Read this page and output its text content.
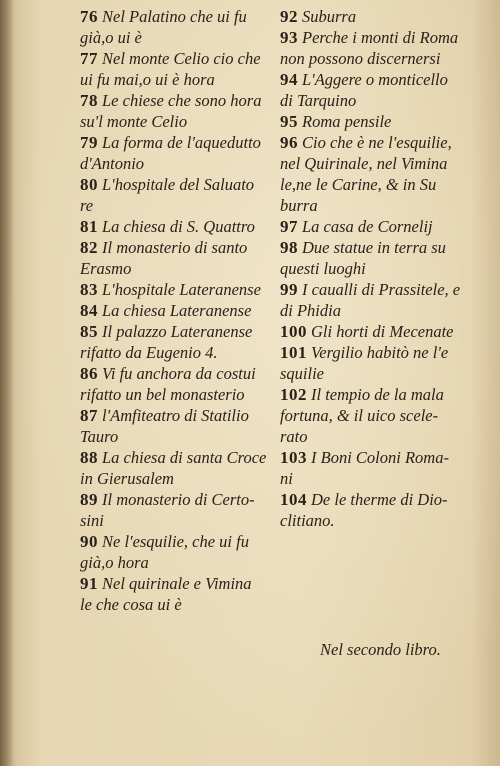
76 Nel Palatino che ui fu
già,o ui è
77 Nel monte Celio cio che
ui fu mai,o ui è hora
78 Le chiese che sono hora
su'l monte Celio
79 La forma de l'aquedutto
d'Antonio
80 L'hospitale del Saluato
re
81 La chiesa di S. Quattro
82 Il monasterio di santo
Erasmo
83 L'hospitale Lateranense
84 La chiesa Lateranense
85 Il palazzo Lateranense
rifatto da Eugenio 4.
86 Vi fu anchora da costui
rifatto un bel monasterio
87 l'Amfiteatro di Statilio
Tauro
88 La chiesa di santa Croce
in Gierusalem
89 Il monasterio di Certo-
sini
90 Ne l'esquilie, che ui fu
già,o hora
91 Nel quirinale e Vimina
le che cosa ui è
92 Suburra
93 Perche i monti di Roma
non possono discernersi
94 L'Aggere o monticello
di Tarquino
95 Roma pensile
96 Cio che è ne l'esquilie,
nel Quirinale, nel Vimina
le,ne le Carine, & in Su
burra
97 La casa de Cornelij
98 Due statue in terra su
questi luoghi
99 I caualli di Prassitele, e
di Phidia
100 Gli horti di Mecenate
101 Vergilio habitò ne l'e
squilie
102 Il tempio de la mala
fortuna, & il uico scele-
rato
103 I Boni Coloni Roma-
ni
104 De le therme di Dio-
clitiano.
Nel secondo libro.
